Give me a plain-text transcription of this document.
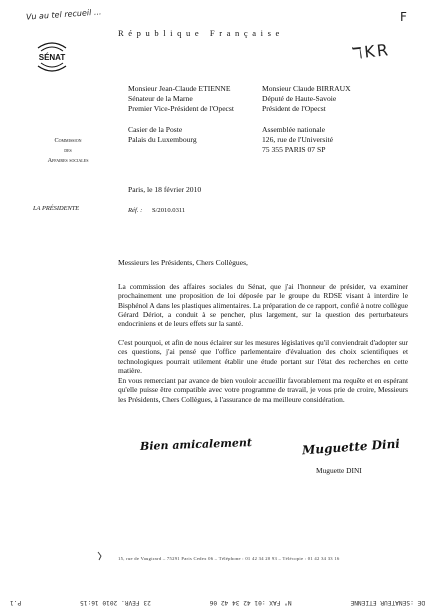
Vu au tel recueil ...	F
ℸKR
République Française
SÉNAT
Commission
des
Affaires sociales
LA PRÉSIDENTE
Monsieur Jean-Claude ETIENNE
Sénateur de la Marne
Premier Vice-Président de l'Opecst
Casier de la Poste
Palais du Luxembourg
Monsieur Claude BIRRAUX
Député de Haute-Savoie
Président de l'Opecst
Assemblée nationale
126, rue de l'Université
75 355 PARIS 07 SP
Paris, le 18 février 2010
Réf. : S/2010.0311
Messieurs les Présidents, Chers Collègues,
La commission des affaires sociales du Sénat, que j'ai l'honneur de présider, va examiner prochainement une proposition de loi déposée par le groupe du RDSE visant à interdire le Bisphénol A dans les plastiques alimentaires. La préparation de ce rapport, confié à notre collègue Gérard Dériot, a conduit à se pencher, plus largement, sur la question des perturbateurs endocriniens et de leurs effets sur la santé.
C'est pourquoi, et afin de nous éclairer sur les mesures législatives qu'il conviendrait d'adopter sur ces questions, j'ai pensé que l'office parlementaire d'évaluation des choix scientifiques et technologiques pourrait utilement établir une étude portant sur l'état des recherches en cette matière.
En vous remerciant par avance de bien vouloir accueillir favorablement ma requête et en espérant qu'elle puisse être compatible avec votre programme de travail, je vous prie de croire, Messieurs les Présidents, Chers Collègues, à l'assurance de ma meilleure considération.
Bien amicalement	Muguette Dini
Muguette DINI
15, rue de Vaugirard – 75291 Paris Cedex 06 – Téléphone : 01 42 34 20 93 – Télécopie : 01 42 34 33 16
DE :SENATEUR ETIENNE
N° FAX :01 42 34 42 06
23 FEVR. 2010 16:15
P.1
